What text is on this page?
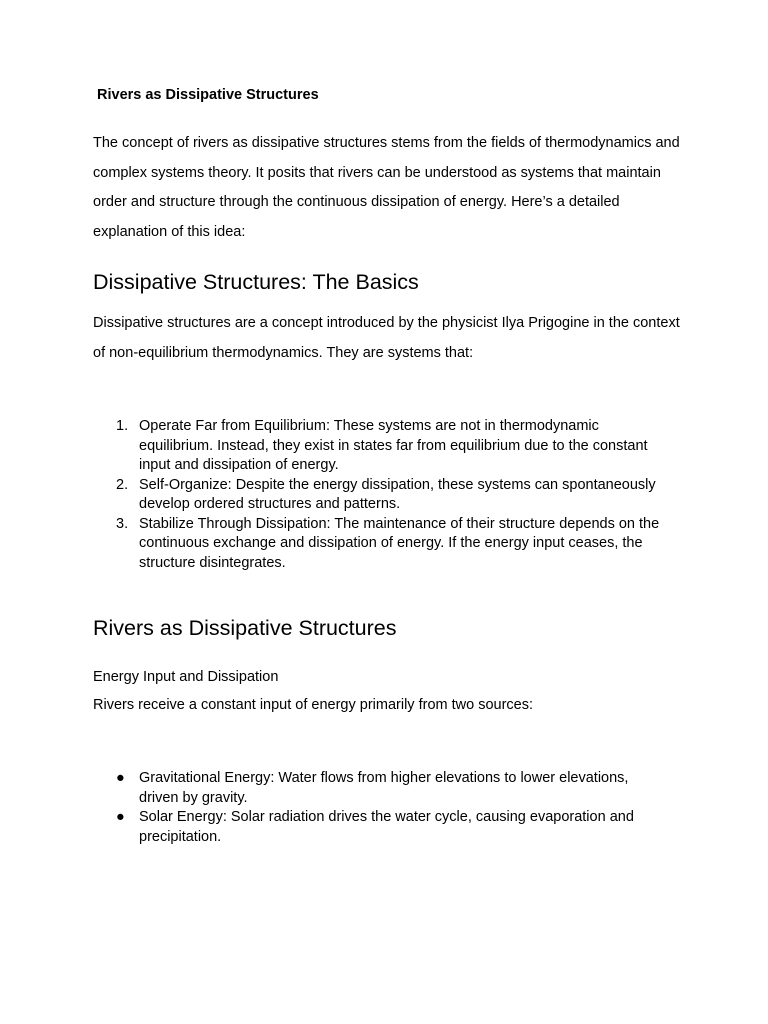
Rivers as Dissipative Structures

The concept of rivers as dissipative structures stems from the fields of thermodynamics and complex systems theory. It posits that rivers can be understood as systems that maintain order and structure through the continuous dissipation of energy. Here’s a detailed explanation of this idea:

Dissipative Structures: The Basics

Dissipative structures are a concept introduced by the physicist Ilya Prigogine in the context of non-equilibrium thermodynamics. They are systems that:

1. Operate Far from Equilibrium: These systems are not in thermodynamic equilibrium. Instead, they exist in states far from equilibrium due to the constant input and dissipation of energy.
2. Self-Organize: Despite the energy dissipation, these systems can spontaneously develop ordered structures and patterns.
3. Stabilize Through Dissipation: The maintenance of their structure depends on the continuous exchange and dissipation of energy. If the energy input ceases, the structure disintegrates.
Rivers as Dissipative Structures

Energy Input and Dissipation

Rivers receive a constant input of energy primarily from two sources:

● Gravitational Energy: Water flows from higher elevations to lower elevations, driven by gravity.
● Solar Energy: Solar radiation drives the water cycle, causing evaporation and precipitation.
